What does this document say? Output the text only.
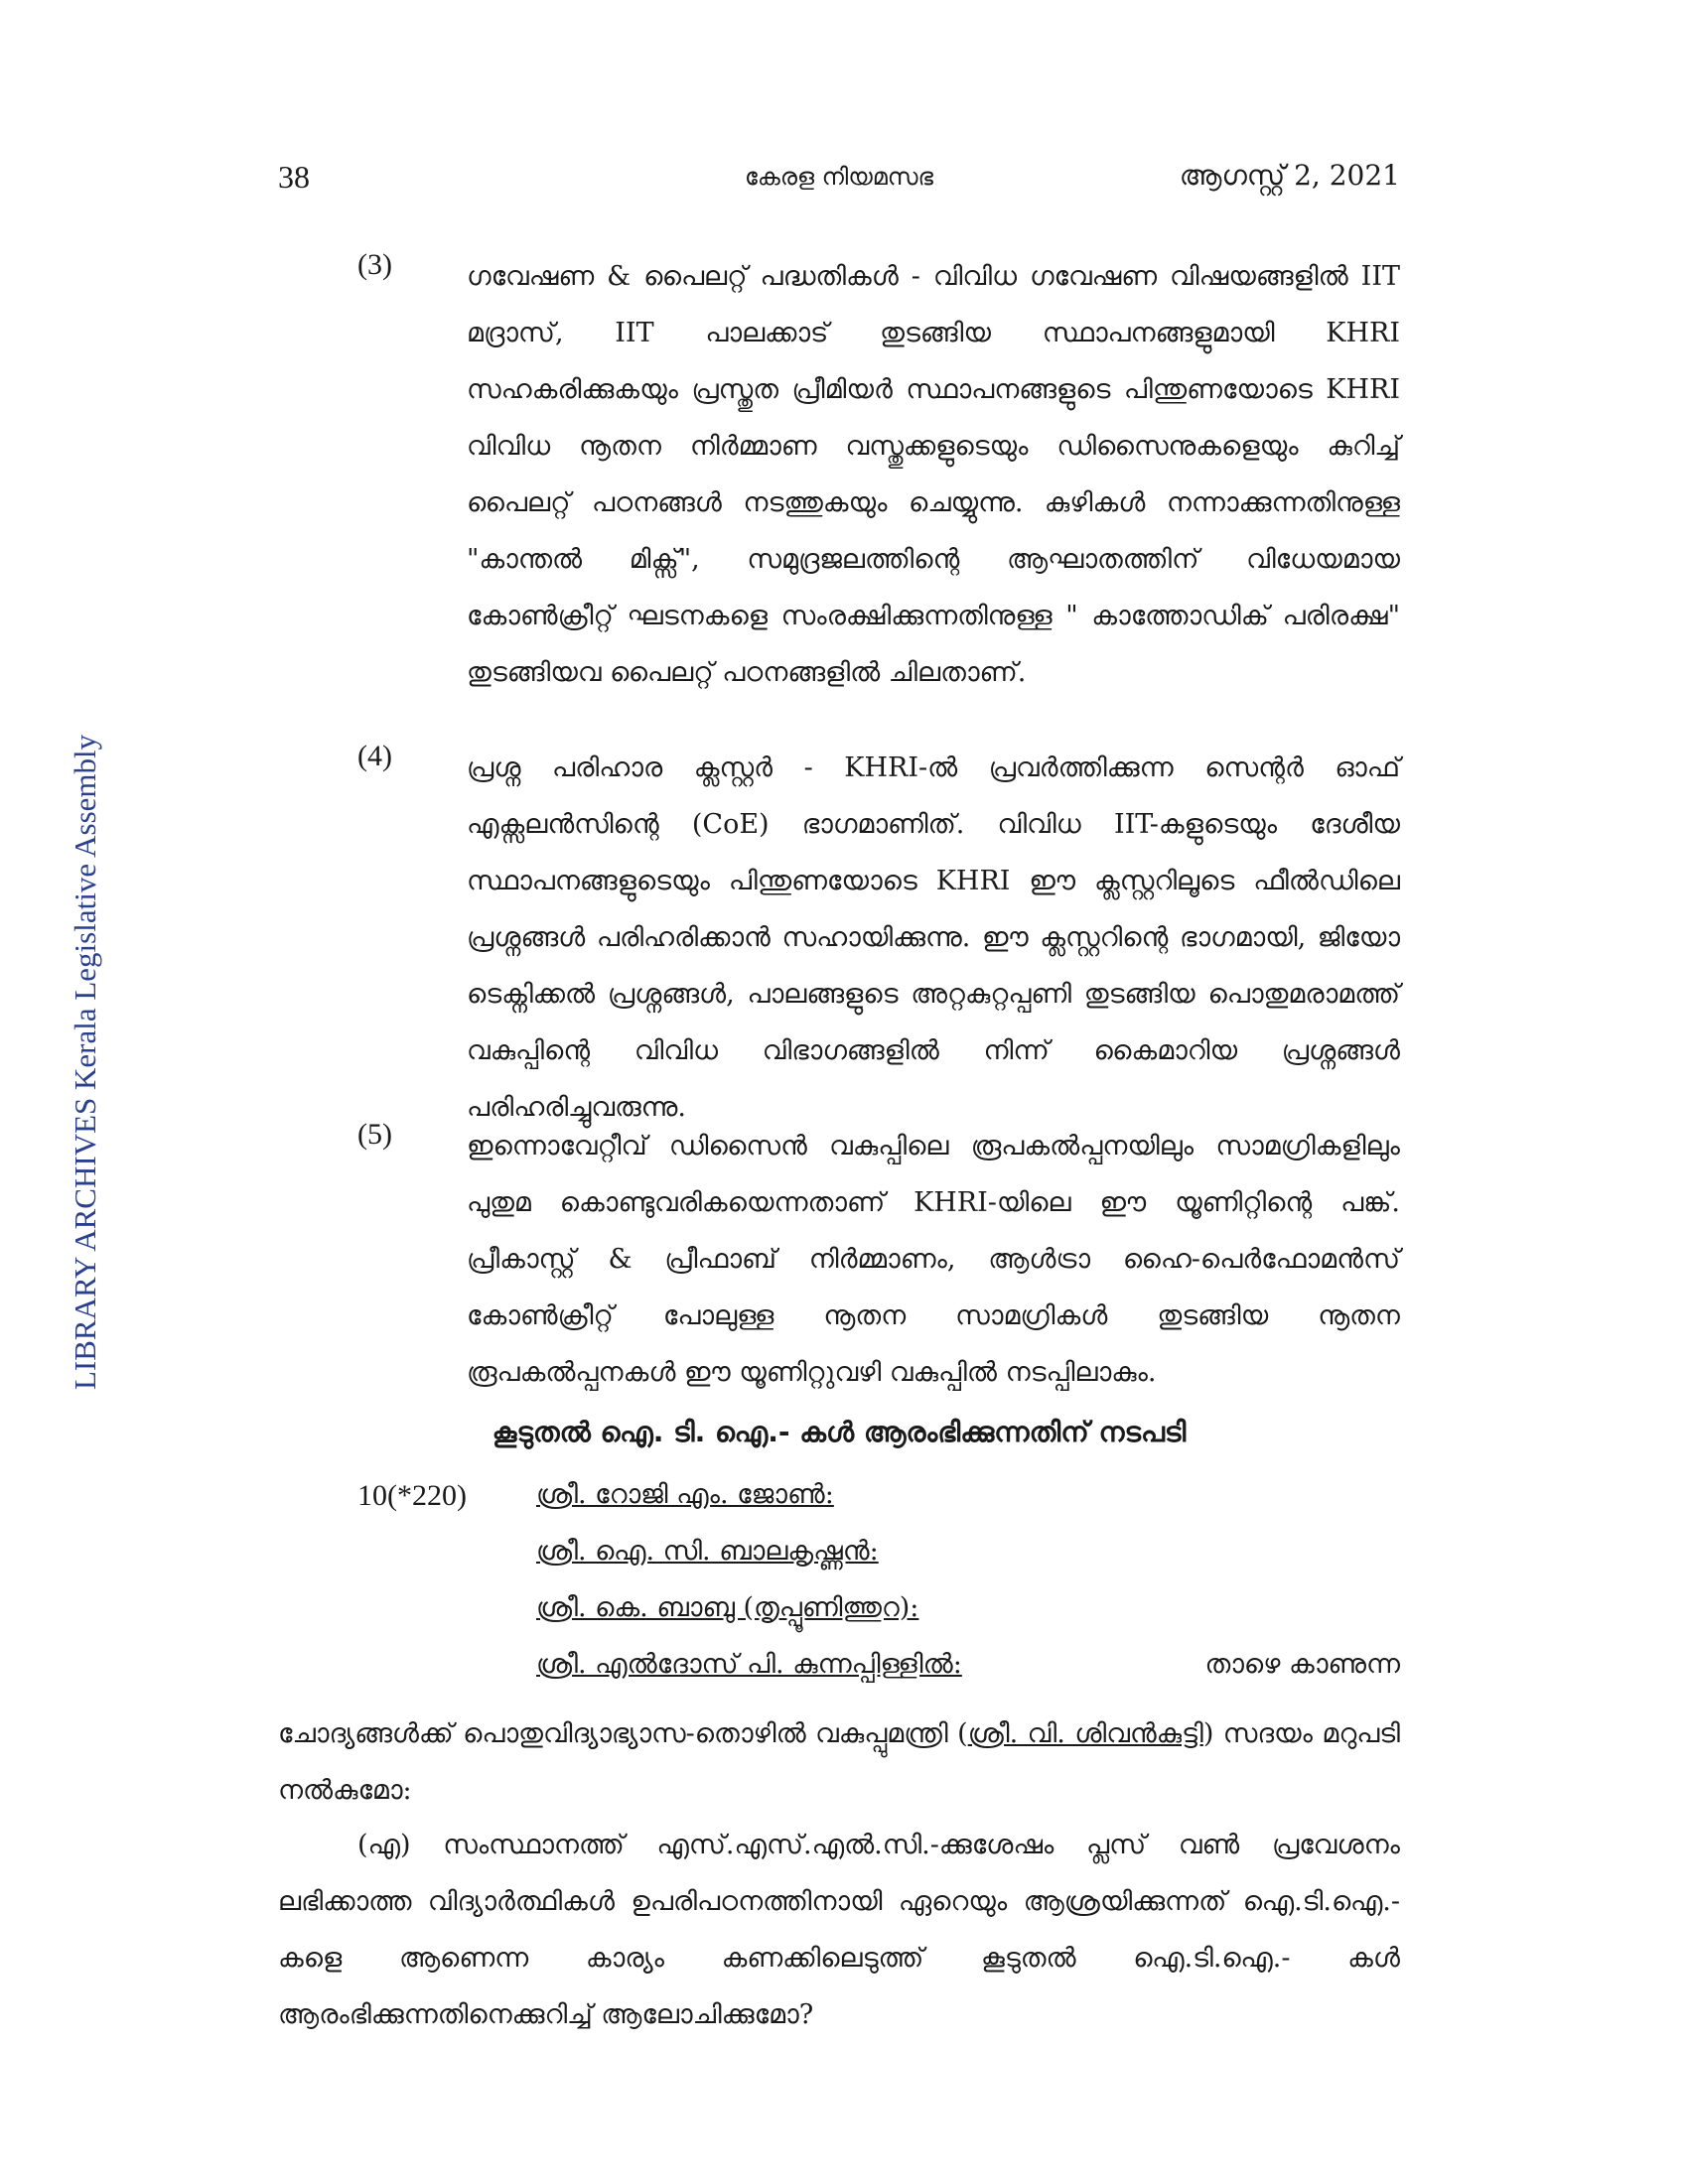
38	കേരള നിയമസഭ	ആഗസ്റ്റ് 2, 2021
LIBRARY ARCHIVES Kerala Legislative Assembly
(3)	ഗവേഷണ & പൈലറ്റ് പദ്ധതികൾ - വിവിധ ഗവേഷണ വിഷയങ്ങളിൽ IIT മദ്രാസ്, IIT പാലക്കാട് തുടങ്ങിയ സ്ഥാപനങ്ങളുമായി KHRI സഹകരിക്കുകയും പ്രസ്തുത പ്രീമിയർ സ്ഥാപനങ്ങളുടെ പിന്തുണയോടെ KHRI വിവിധ നൂതന നിർമ്മാണ വസ്തുക്കളുടെയും ഡിസൈനുകളെയും കുറിച്ച് പൈലറ്റ് പഠനങ്ങൾ നടത്തുകയും ചെയ്യുന്നു. കുഴികൾ നന്നാക്കുന്നതിനുള്ള "കാന്തൽ മിക്സ്", സമുദ്രജലത്തിന്റെ ആഘാതത്തിന് വിധേയമായ കോൺക്രീറ്റ് ഘടനകളെ സംരക്ഷിക്കുന്നതിനുള്ള " കാത്തോഡിക് പരിരക്ഷ" തുടങ്ങിയവ പൈലറ്റ് പഠനങ്ങളിൽ ചിലതാണ്.
(4)	പ്രശ്ന പരിഹാര ക്ലസ്റ്റർ - KHRI-ൽ പ്രവർത്തിക്കുന്ന സെന്റർ ഓഫ് എക്സലൻസിന്റെ (CoE) ഭാഗമാണിത്. വിവിധ IIT-കളുടെയും ദേശീയ സ്ഥാപനങ്ങളുടെയും പിന്തുണയോടെ KHRI ഈ ക്ലസ്റ്ററിലൂടെ ഫീൽഡിലെ പ്രശ്നങ്ങൾ പരിഹരിക്കാൻ സഹായിക്കുന്നു. ഈ ക്ലസ്റ്ററിന്റെ ഭാഗമായി, ജിയോ ടെക്നിക്കൽ പ്രശ്നങ്ങൾ, പാലങ്ങളുടെ അറ്റകുറ്റപ്പണി തുടങ്ങിയ പൊതുമരാമത്ത് വകുപ്പിന്റെ വിവിധ വിഭാഗങ്ങളിൽ നിന്ന് കൈമാറിയ പ്രശ്നങ്ങൾ പരിഹരിച്ചുവരുന്നു.
(5)	ഇന്നൊവേറ്റീവ് ഡിസൈൻ വകുപ്പിലെ രൂപകൽപ്പനയിലും സാമഗ്രികളിലും പുതുമ കൊണ്ടുവരികയെന്നതാണ് KHRI-യിലെ ഈ യൂണിറ്റിന്റെ പങ്ക്. പ്രീകാസ്റ്റ് & പ്രീഫാബ് നിർമ്മാണം, ആൾട്രാ ഹൈ-പെർഫോമൻസ് കോൺക്രീറ്റ് പോലുള്ള നൂതന സാമഗ്രികൾ തുടങ്ങിയ നൂതന രൂപകൽപ്പനകൾ ഈ യൂണിറ്റുവഴി വകുപ്പിൽ നടപ്പിലാകും.
കൂടുതൽ ഐ. ടി. ഐ.- കൾ ആരംഭിക്കുന്നതിന് നടപടി
10(*220)	ശ്രീ. റോജി എം. ജോൺ:
ശ്രീ. ഐ. സി. ബാലകൃഷ്ണൻ:
ശ്രീ. കെ. ബാബു (തൃപ്പൂണിത്തുറ):
ശ്രീ. എൽദോസ് പി. കുന്നപ്പിള്ളിൽ:	താഴെ കാണുന്ന
ചോദ്യങ്ങൾക്ക് പൊതുവിദ്യാഭ്യാസ-തൊഴിൽ വകുപ്പുമന്ത്രി (ശ്രീ. വി. ശിവൻകുട്ടി) സദയം മറുപടി നൽകുമോ:
(എ) സംസ്ഥാനത്ത് എസ്.എസ്.എൽ.സി.-ക്കുശേഷം പ്ലസ് വൺ പ്രവേശനം ലഭിക്കാത്ത വിദ്യാർത്ഥികൾ ഉപരിപഠനത്തിനായി ഏറെയും ആശ്രയിക്കുന്നത് ഐ.ടി.ഐ.-കളെ ആണെന്ന കാര്യം കണക്കിലെടുത്ത് കൂടുതൽ ഐ.ടി.ഐ.- കൾ ആരംഭിക്കുന്നതിനെക്കുറിച്ച് ആലോചിക്കുമോ?
